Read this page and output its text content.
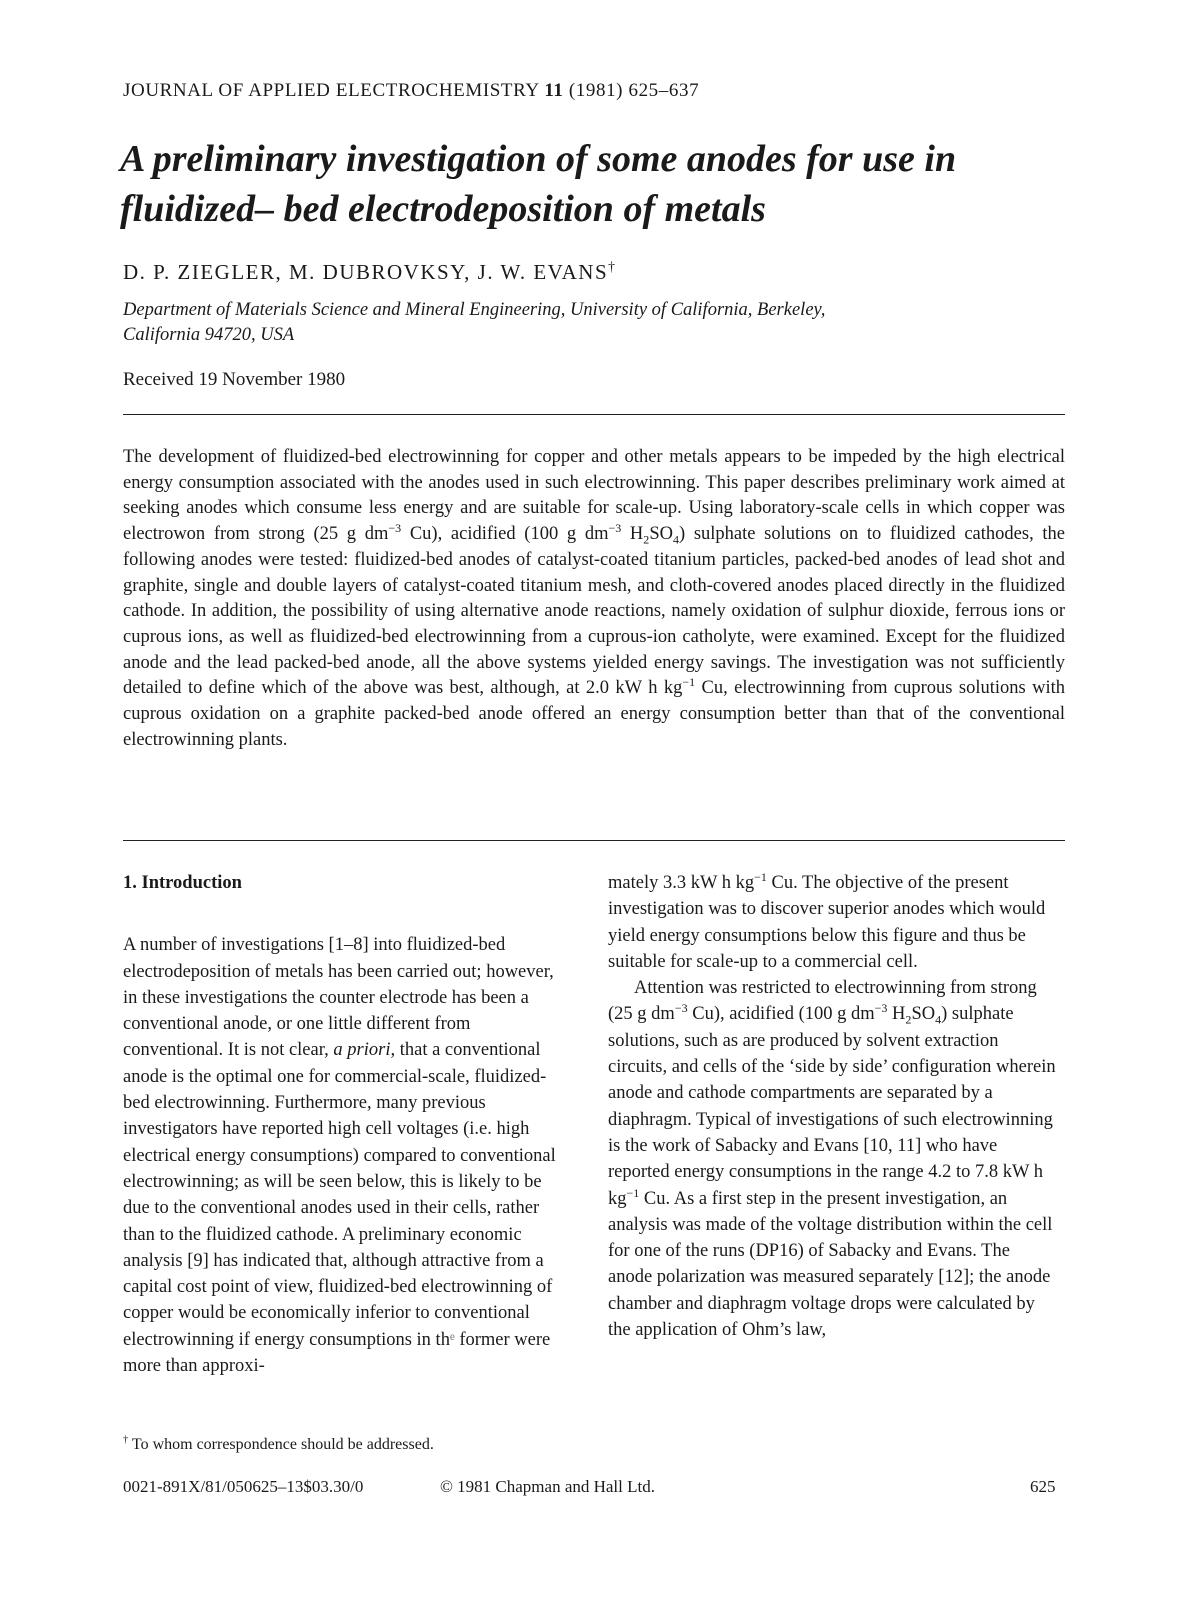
JOURNAL OF APPLIED ELECTROCHEMISTRY 11 (1981) 625–637
A preliminary investigation of some anodes for use in
fluidized– bed electrodeposition of metals
D. P. ZIEGLER, M. DUBROVKSY, J. W. EVANS†
Department of Materials Science and Mineral Engineering, University of California, Berkeley,
California 94720, USA
Received 19 November 1980
The development of fluidized-bed electrowinning for copper and other metals appears to be impeded by the high electrical energy consumption associated with the anodes used in such electrowinning. This paper describes preliminary work aimed at seeking anodes which consume less energy and are suitable for scale-up. Using laboratory-scale cells in which copper was electrowon from strong (25 g $dm^{-3}$ Cu), acidified (100 g $dm^{-3}$ $H_2SO_4$) sulphate solutions on to fluidized cathodes, the following anodes were tested: fluidized-bed anodes of catalyst-coated titanium particles, packed-bed anodes of lead shot and graphite, single and double layers of catalyst-coated titanium mesh, and cloth-covered anodes placed directly in the fluidized cathode. In addition, the possibility of using alternative anode reactions, namely oxidation of sulphur dioxide, ferrous ions or cuprous ions, as well as fluidized-bed electrowinning from a cuprous-ion catholyte, were examined. Except for the fluidized anode and the lead packed-bed anode, all the above systems yielded energy savings. The investigation was not sufficiently detailed to define which of the above was best, although, at 2.0 kW h $kg^{-1}$ Cu, electrowinning from cuprous solutions with cuprous oxidation on a graphite packed-bed anode offered an energy consumption better than that of the conventional electrowinning plants.
1. Introduction

A number of investigations [1–8] into fluidized-bed electrodeposition of metals has been carried out; however, in these investigations the counter electrode has been a conventional anode, or one little different from conventional. It is not clear, a priori, that a conventional anode is the optimal one for commercial-scale, fluidized-bed electrowinning. Furthermore, many previous investigators have reported high cell voltages (i.e. high electrical energy consumptions) compared to conventional electrowinning; as will be seen below, this is likely to be due to the conventional anodes used in their cells, rather than to the fluidized cathode. A preliminary economic analysis [9] has indicated that, although attractive from a capital cost point of view, fluidized-bed electrowinning of copper would be economically inferior to conventional electrowinning if energy consumptions in thᵉ former were more than approxi-

mately 3.3 kW h $kg^{-1}$ Cu. The objective of the present investigation was to discover superior anodes which would yield energy consumptions below this figure and thus be suitable for scale-up to a commercial cell.

Attention was restricted to electrowinning from strong (25 g $dm^{-3}$ Cu), acidified (100 g $dm^{-3}$ $H_2SO_4$) sulphate solutions, such as are produced by solvent extraction circuits, and cells of the ‘side by side’ configuration wherein anode and cathode compartments are separated by a diaphragm. Typical of investigations of such electrowinning is the work of Sabacky and Evans [10, 11] who have reported energy consumptions in the range 4.2 to 7.8 kW h $kg^{-1}$ Cu. As a first step in the present investigation, an analysis was made of the voltage distribution within the cell for one of the runs (DP16) of Sabacky and Evans. The anode polarization was measured separately [12]; the anode chamber and diaphragm voltage drops were calculated by the application of Ohm’s law,

† To whom correspondence should be addressed.
0021-891X/81/050625–13$03.30/0	© 1981 Chapman and Hall Ltd.	625
